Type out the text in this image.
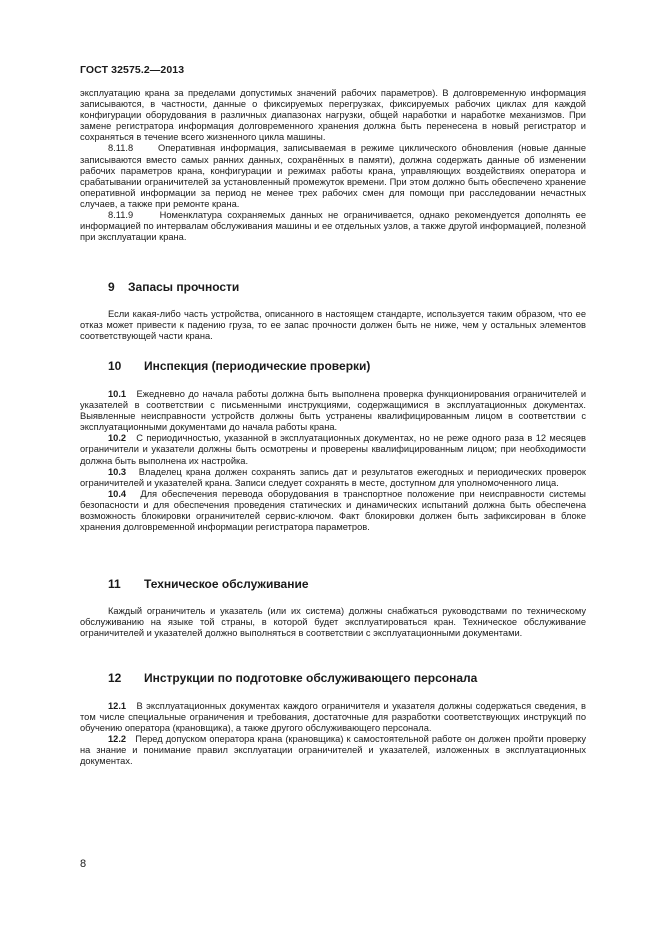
ГОСТ 32575.2—2013

эксплуатацию крана за пределами допустимых значений рабочих параметров). В долговременную информация записываются, в частности, данные о фиксируемых перегрузках, фиксируемых рабочих циклах для каждой конфигурации оборудования в различных диапазонах нагрузки, общей наработки и наработке механизмов. При замене регистратора информация долговременного хранения должна быть перенесена в новый регистратор и сохраняться в течение всего жизненного цикла машины.

8.11.8	Оперативная информация, записываемая в режиме циклического обновления (новые данные записываются вместо самых ранних данных, сохранённых в памяти), должна содержать данные об изменении рабочих параметров крана, конфигурации и режимах работы крана, управляющих воздействиях оператора и срабатывании ограничителей за установленный промежуток времени. При этом должно быть обеспечено хранение оперативной информации за период не менее трех рабочих смен для помощи при расследовании нечастных случаев, а также при ремонте крана.

8.11.9	Номенклатура сохраняемых данных не ограничивается, однако рекомендуется дополнять ее информацией по интервалам обслуживания машины и ее отдельных узлов, а также другой информацией, полезной при эксплуатации крана.

9 Запасы прочности

Если какая-либо часть устройства, описанного в настоящем стандарте, используется таким образом, что ее отказ может привести к падению груза, то ее запас прочности должен быть не ниже, чем у остальных элементов соответствующей части крана.

10 Инспекция (периодические проверки)

10.1 Ежедневно до начала работы должна быть выполнена проверка функционирования ограничителей и указателей в соответствии с письменными инструкциями, содержащимися в эксплуатационных документах. Выявленные неисправности устройств должны быть устранены квалифицированным лицом в соответствии с эксплуатационными документами до начала работы крана.

10.2 С периодичностью, указанной в эксплуатационных документах, но не реже одного раза в 12 месяцев ограничители и указатели должны быть осмотрены и проверены квалифицированным лицом; при необходимости должна быть выполнена их настройка.

10.3 Владелец крана должен сохранять запись дат и результатов ежегодных и периодических проверок ограничителей и указателей крана. Записи следует сохранять в месте, доступном для уполномоченного лица.

10.4 Для обеспечения перевода оборудования в транспортное положение при неисправности системы безопасности и для обеспечения проведения статических и динамических испытаний должна быть обеспечена возможность блокировки ограничителей сервис-ключом. Факт блокировки должен быть зафиксирован в блоке хранения долговременной информации регистратора параметров.

11 Техническое обслуживание

Каждый ограничитель и указатель (или их система) должны снабжаться руководствами по техническому обслуживанию на языке той страны, в которой будет эксплуатироваться кран. Техническое обслуживание ограничителей и указателей должно выполняться в соответствии с эксплуатационными документами.

12 Инструкции по подготовке обслуживающего персонала

12.1 В эксплуатационных документах каждого ограничителя и указателя должны содержаться сведения, в том числе специальные ограничения и требования, достаточные для разработки соответствующих инструкций по обучению оператора (крановщика), а также другого обслуживающего персонала.

12.2 Перед допуском оператора крана (крановщика) к самостоятельной работе он должен пройти проверку на знание и понимание правил эксплуатации ограничителей и указателей, изложенных в эксплуатационных документах.

8
